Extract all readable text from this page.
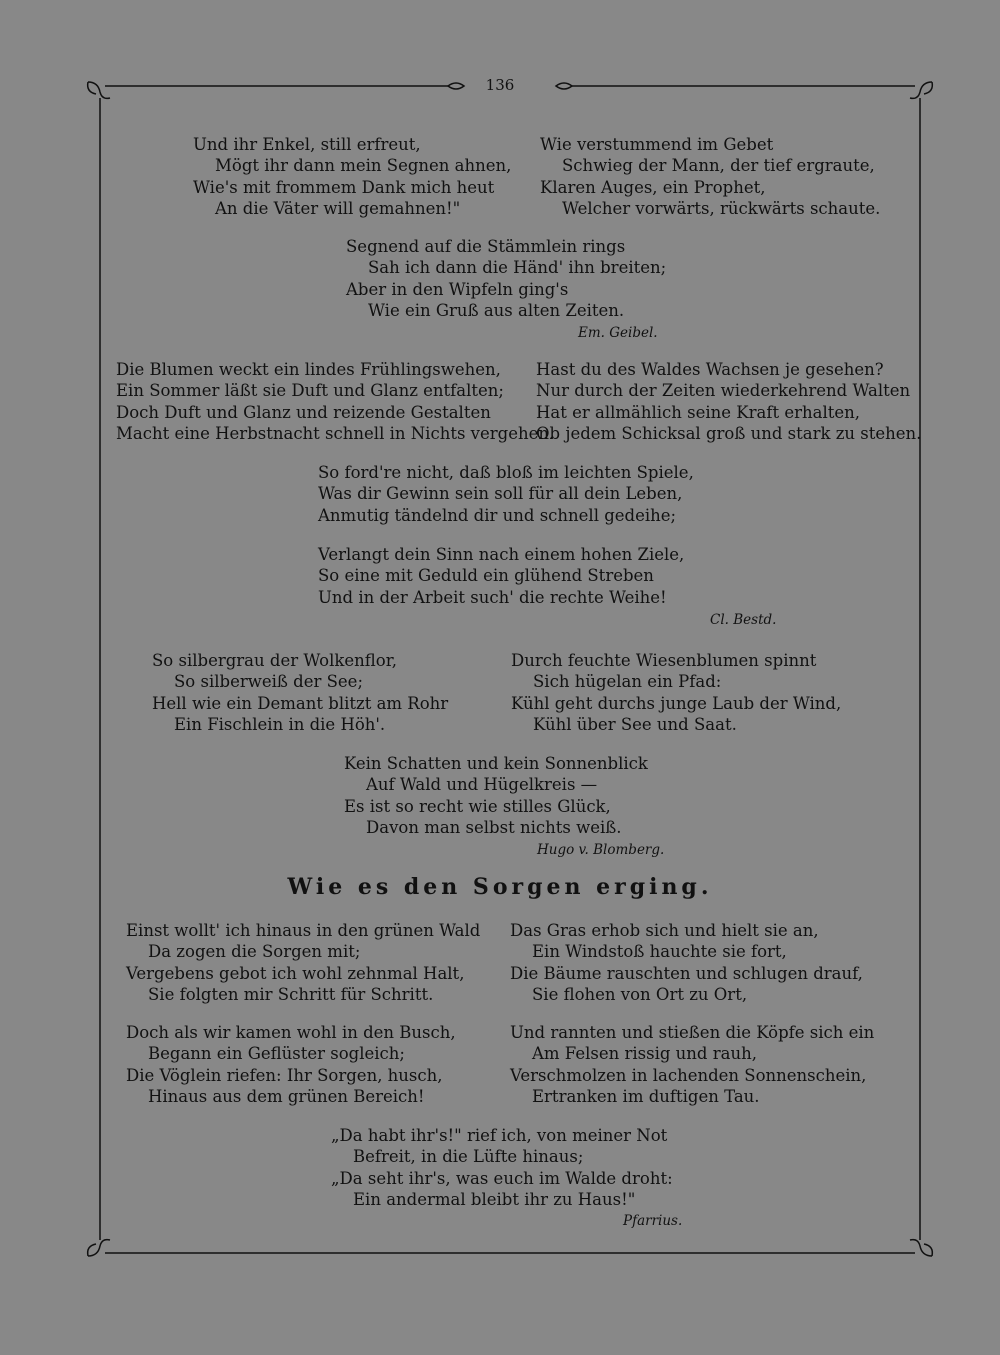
136
Und ihr Enkel, still erfreut,
Mögt ihr dann mein Segnen ahnen,
Wie's mit frommem Dank mich heut
An die Väter will gemahnen!"
Wie verstummend im Gebet
Schwieg der Mann, der tief ergraute,
Klaren Auges, ein Prophet,
Welcher vorwärts, rückwärts schaute.
Segnend auf die Stämmlein rings
Sah ich dann die Händ' ihn breiten;
Aber in den Wipfeln ging's
Wie ein Gruß aus alten Zeiten.
Em. Geibel.
Die Blumen weckt ein lindes Frühlingswehen,
Ein Sommer läßt sie Duft und Glanz entfalten;
Doch Duft und Glanz und reizende Gestalten
Macht eine Herbstnacht schnell in Nichts vergehen.
Hast du des Waldes Wachsen je gesehen?
Nur durch der Zeiten wiederkehrend Walten
Hat er allmählich seine Kraft erhalten,
Ob jedem Schicksal groß und stark zu stehen.
So ford're nicht, daß bloß im leichten Spiele,
Was dir Gewinn sein soll für all dein Leben,
Anmutig tändelnd dir und schnell gedeihe;
Verlangt dein Sinn nach einem hohen Ziele,
So eine mit Geduld ein glühend Streben
Und in der Arbeit such' die rechte Weihe!
Cl. Bestd.
So silbergrau der Wolkenflor,
So silberweiß der See;
Hell wie ein Demant blitzt am Rohr
Ein Fischlein in die Höh'.
Durch feuchte Wiesenblumen spinnt
Sich hügelan ein Pfad:
Kühl geht durchs junge Laub der Wind,
Kühl über See und Saat.
Kein Schatten und kein Sonnenblick
Auf Wald und Hügelkreis —
Es ist so recht wie stilles Glück,
Davon man selbst nichts weiß.
Hugo v. Blomberg.
Wie es den Sorgen erging.
Einst wollt' ich hinaus in den grünen Wald
Da zogen die Sorgen mit;
Vergebens gebot ich wohl zehnmal Halt,
Sie folgten mir Schritt für Schritt.
Das Gras erhob sich und hielt sie an,
Ein Windstoß hauchte sie fort,
Die Bäume rauschten und schlugen drauf,
Sie flohen von Ort zu Ort,
Doch als wir kamen wohl in den Busch,
Begann ein Geflüster sogleich;
Die Vöglein riefen: Ihr Sorgen, husch,
Hinaus aus dem grünen Bereich!
Und rannten und stießen die Köpfe sich ein
Am Felsen rissig und rauh,
Verschmolzen in lachenden Sonnenschein,
Ertranken im duftigen Tau.
„Da habt ihr's!" rief ich, von meiner Not
Befreit, in die Lüfte hinaus;
„Da seht ihr's, was euch im Walde droht:
Ein andermal bleibt ihr zu Haus!"
Pfarrius.
